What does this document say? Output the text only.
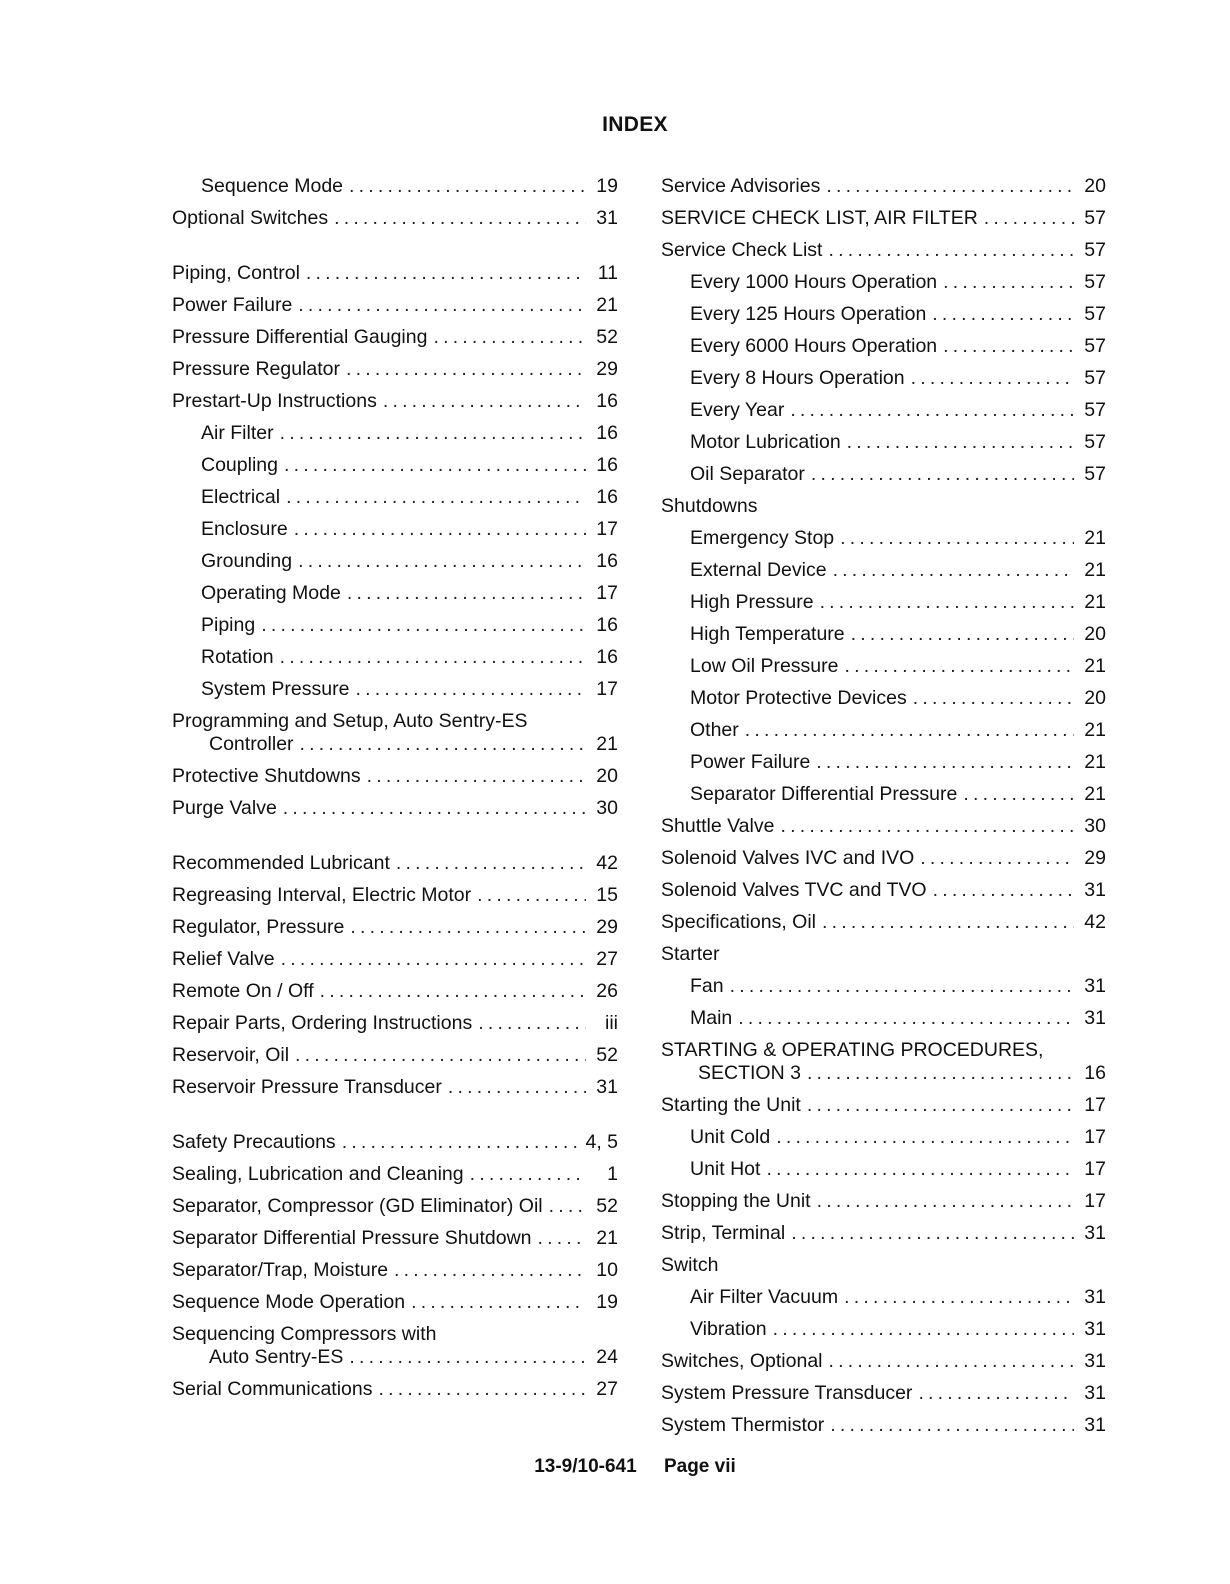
INDEX
Sequence Mode .....	19
Optional Switches .....	31
Piping, Control .....	11
Power Failure .....	21
Pressure Differential Gauging .....	52
Pressure Regulator .....	29
Prestart-Up Instructions .....	16
Air Filter .....	16
Coupling .....	16
Electrical .....	16
Enclosure .....	17
Grounding .....	16
Operating Mode .....	17
Piping .....	16
Rotation .....	16
System Pressure .....	17
Programming and Setup, Auto Sentry-ES
Controller .....	21
Protective Shutdowns .....	20
Purge Valve .....	30
Recommended Lubricant .....	42
Regreasing Interval, Electric Motor .....	15
Regulator, Pressure .....	29
Relief Valve .....	27
Remote On / Off .....	26
Repair Parts, Ordering Instructions .....	iii
Reservoir, Oil .....	52
Reservoir Pressure Transducer .....	31
Safety Precautions .....	4, 5
Sealing, Lubrication and Cleaning .....	1
Separator, Compressor (GD Eliminator) Oil .....	52
Separator Differential Pressure Shutdown .....	21
Separator/Trap, Moisture .....	10
Sequence Mode Operation .....	19
Sequencing Compressors with
Auto Sentry-ES .....	24
Serial Communications .....	27
Service Advisories .....	20
SERVICE CHECK LIST, AIR FILTER .....	57
Service Check List .....	57
Every 1000 Hours Operation .....	57
Every 125 Hours Operation .....	57
Every 6000 Hours Operation .....	57
Every 8 Hours Operation .....	57
Every Year .....	57
Motor Lubrication .....	57
Oil Separator .....	57
Shutdowns
Emergency Stop .....	21
External Device .....	21
High Pressure .....	21
High Temperature .....	20
Low Oil Pressure .....	21
Motor Protective Devices .....	20
Other .....	21
Power Failure .....	21
Separator Differential Pressure .....	21
Shuttle Valve .....	30
Solenoid Valves IVC and IVO .....	29
Solenoid Valves TVC and TVO .....	31
Specifications, Oil .....	42
Starter
Fan .....	31
Main .....	31
STARTING & OPERATING PROCEDURES,
SECTION 3 .....	16
Starting the Unit .....	17
Unit Cold .....	17
Unit Hot .....	17
Stopping the Unit .....	17
Strip, Terminal .....	31
Switch
Air Filter Vacuum .....	31
Vibration .....	31
Switches, Optional .....	31
System Pressure Transducer .....	31
System Thermistor .....	31
13-9/10-641 Page vii
